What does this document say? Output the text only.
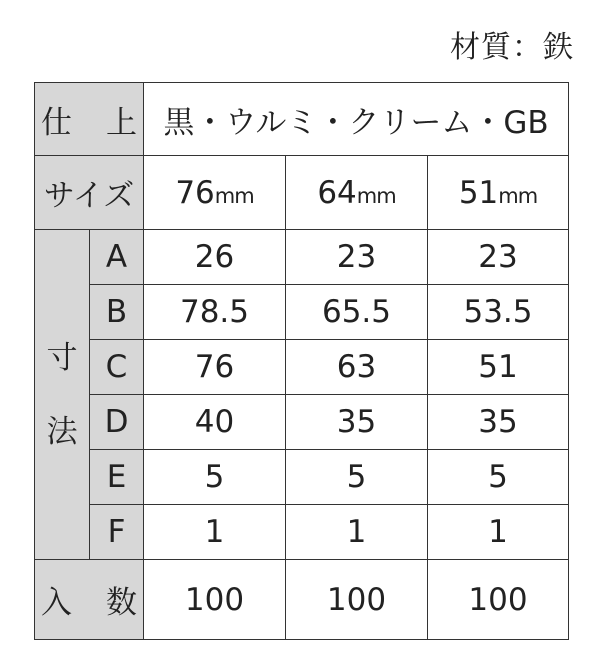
材質：鉄
仕 上		黒・ウルミ・クリーム・GB		
サイズ		76mm	64mm	51mm
寸
法	A	26	23	23
	B	78.5	65.5	53.5
	C	76	63	51
	D	40	35	35
	E	5	5	5
	F	1	1	1
入 数		100	100	100
